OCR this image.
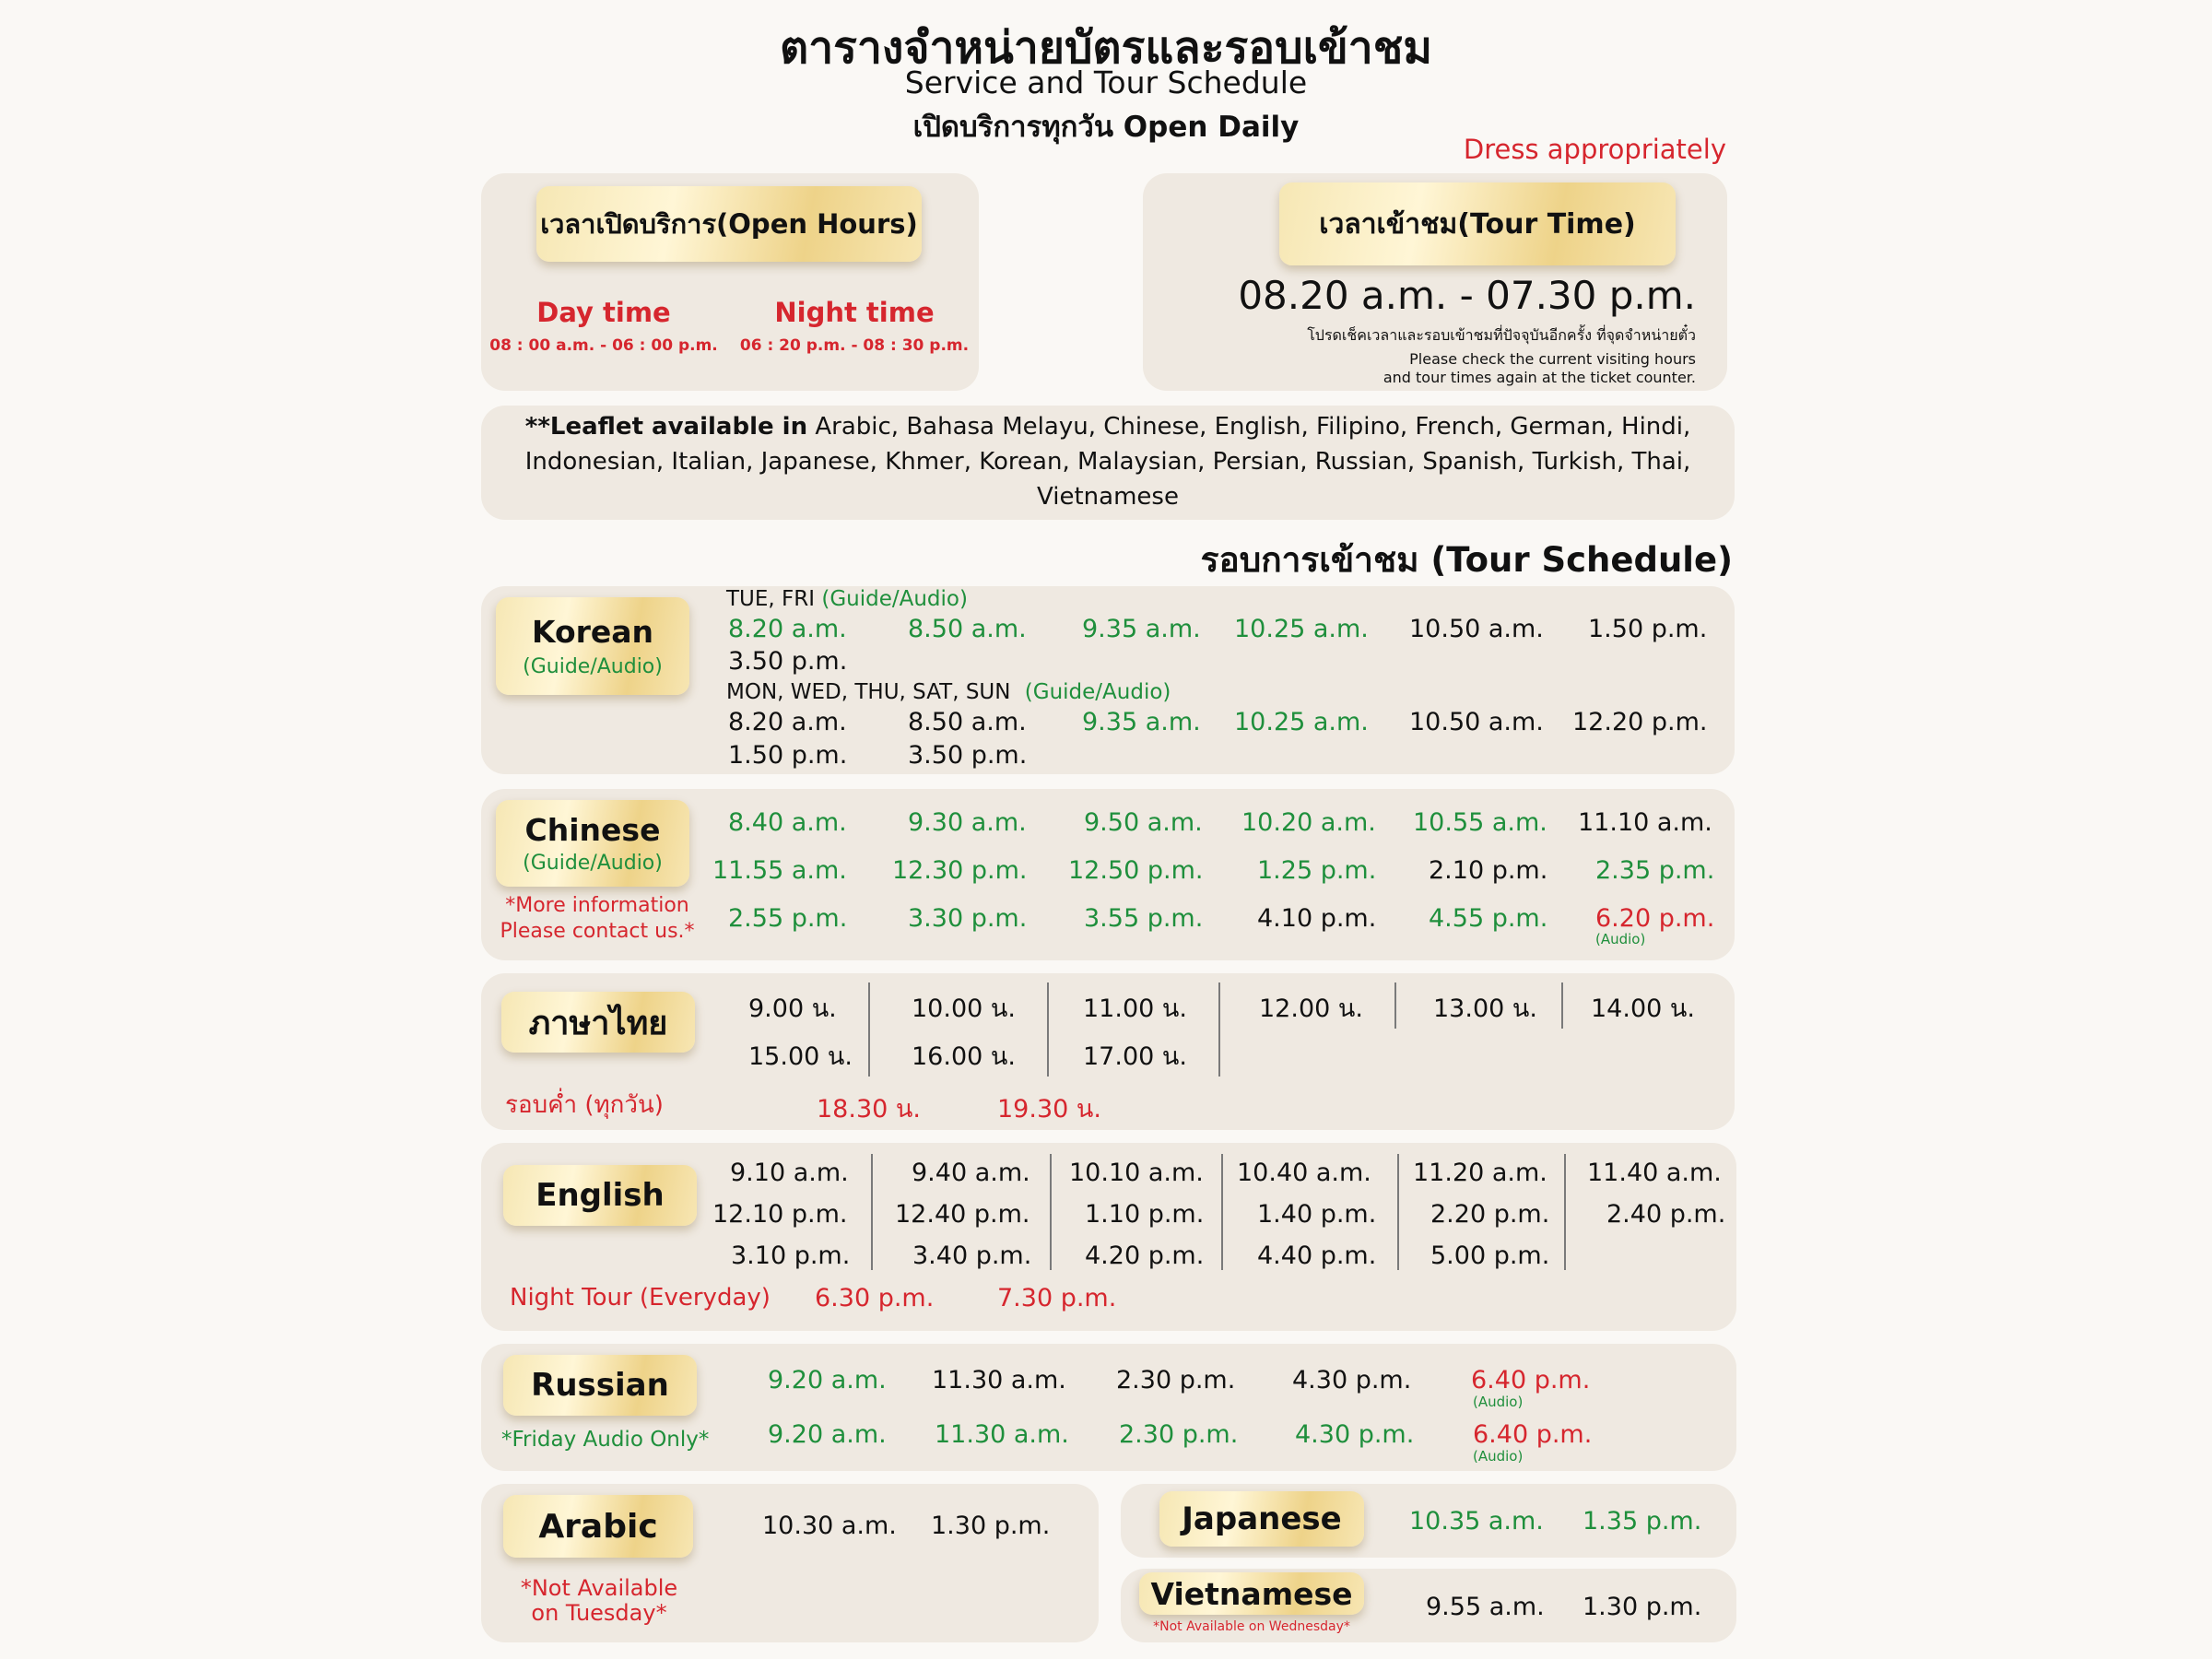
ตารางจำหน่ายบัตรและรอบเข้าชม
Service and Tour Schedule
เปิดบริการทุกวัน Open Daily
Dress appropriately
เวลาเปิดบริการ(Open Hours)
Day time
08 : 00 a.m. - 06 : 00 p.m.
Night time
06 : 20 p.m. - 08 : 30 p.m.
เวลาเข้าชม(Tour Time)
08.20 a.m. - 07.30 p.m.
โปรดเช็คเวลาและรอบเข้าชมที่ปัจจุบันอีกครั้ง ที่จุดจำหน่ายตั๋ว
Please check the current visiting hours
and tour times again at the ticket counter.
**Leaflet available in Arabic, Bahasa Melayu, Chinese, English, Filipino, French, German, Hindi,
Indonesian, Italian, Japanese, Khmer, Korean, Malaysian, Persian, Russian, Spanish, Turkish, Thai,
Vietnamese
รอบการเข้าชม (Tour Schedule)
Korean
(Guide/Audio)
TUE, FRI (Guide/Audio)
8.20 a.m. 8.50 a.m. 9.35 a.m. 10.25 a.m. 10.50 a.m. 1.50 p.m.
3.50 p.m.
MON, WED, THU, SAT, SUN (Guide/Audio)
8.20 a.m. 8.50 a.m. 9.35 a.m. 10.25 a.m. 10.50 a.m. 12.20 p.m.
1.50 p.m. 3.50 p.m.
Chinese
(Guide/Audio)
*More information
Please contact us.*
8.40 a.m. 9.30 a.m. 9.50 a.m. 10.20 a.m. 10.55 a.m. 11.10 a.m.
11.55 a.m. 12.30 p.m. 12.50 p.m. 1.25 p.m. 2.10 p.m. 2.35 p.m.
2.55 p.m. 3.30 p.m. 3.55 p.m. 4.10 p.m. 4.55 p.m. 6.20 p.m.
(Audio)
ภาษาไทย	9.00 น.	10.00 น.	11.00 น.	12.00 น.	13.00 น. 14.00 น.
15.00 น. 16.00 น.	17.00 น.
รอบค่ำ (ทุกวัน)	18.30 น.	19.30 น.
English
9.10 a.m.	9.40 a.m. 10.10 a.m. 10.40 a.m. 11.20 a.m. 11.40 a.m.
12.10 p.m. 12.40 p.m. 1.10 p.m. 1.40 p.m. 2.20 p.m. 2.40 p.m.
3.10 p.m.	3.40 p.m. 4.20 p.m. 4.40 p.m. 5.00 p.m.
Night Tour (Everyday) 6.30 p.m.	7.30 p.m.
Russian
*Friday Audio Only*
9.20 a.m. 11.30 a.m. 2.30 p.m. 4.30 p.m. 6.40 p.m.
(Audio)
9.20 a.m. 11.30 a.m. 2.30 p.m. 4.30 p.m. 6.40 p.m.
(Audio)
Arabic	10.30 a.m. 1.30 p.m.
*Not Available
on Tuesday*
Japanese	10.35 a.m. 1.35 p.m.
Vietnamese
*Not Available on Wednesday*
9.55 a.m. 1.30 p.m.
